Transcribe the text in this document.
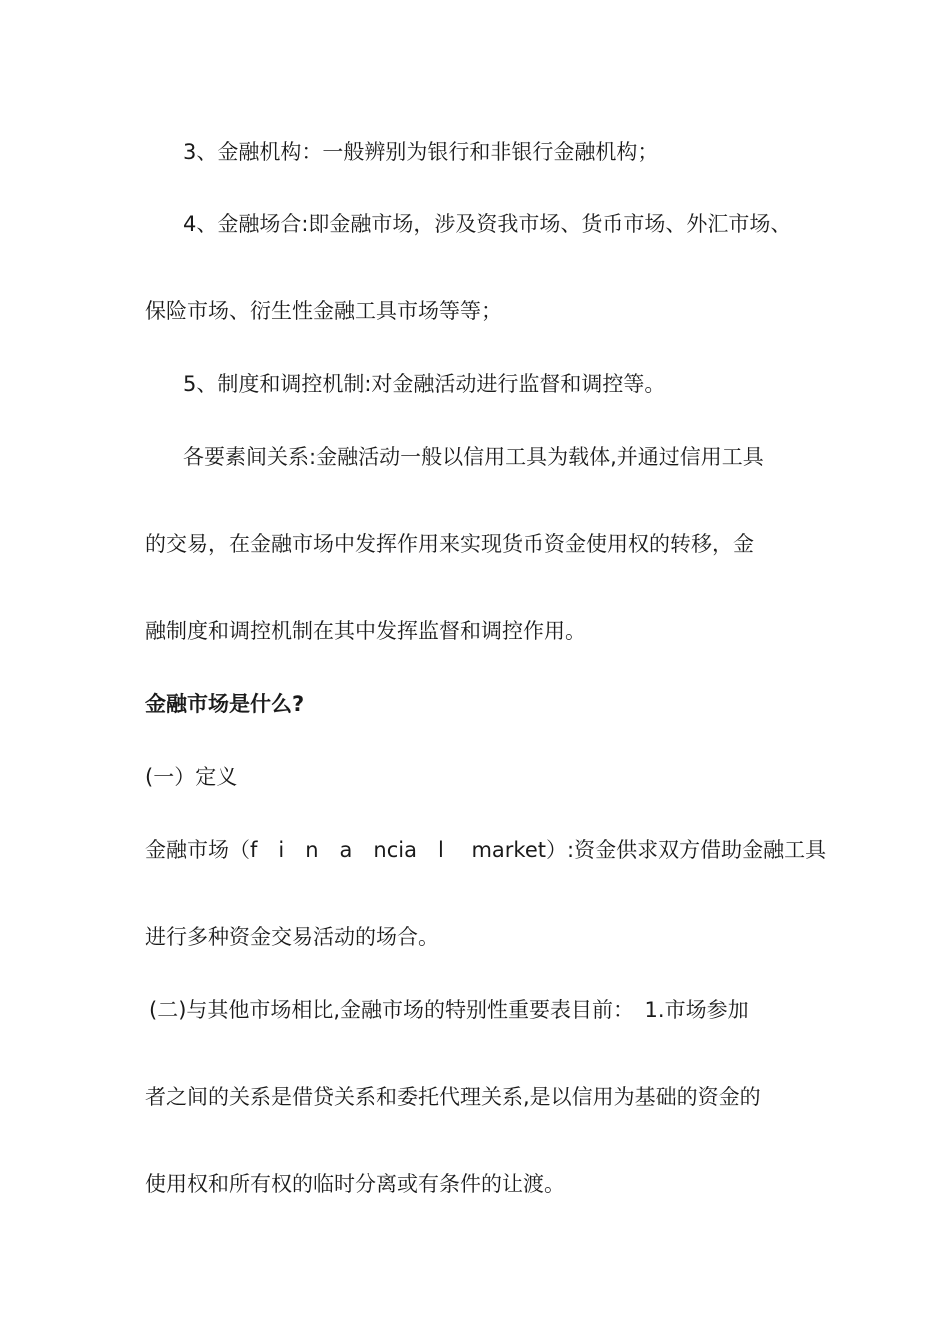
3、金融机构：一般辨别为银行和非银行金融机构；
4、金融场合:即金融市场，涉及资我市场、货币市场、外汇市场、
保险市场、衍生性金融工具市场等等；
5、制度和调控机制:对金融活动进行监督和调控等。
各要素间关系:金融活动一般以信用工具为载体,并通过信用工具
的交易，在金融市场中发挥作用来实现货币资金使用权的转移，金
融制度和调控机制在其中发挥监督和调控作用。
金融市场是什么?
(一）定义
金融市场（f　i　n　a　ncia　l　 market）:资金供求双方借助金融工具
进行多种资金交易活动的场合。
(二)与其他市场相比,金融市场的特别性重要表目前：　1.市场参加
者之间的关系是借贷关系和委托代理关系,是以信用为基础的资金的
使用权和所有权的临时分离或有条件的让渡。
